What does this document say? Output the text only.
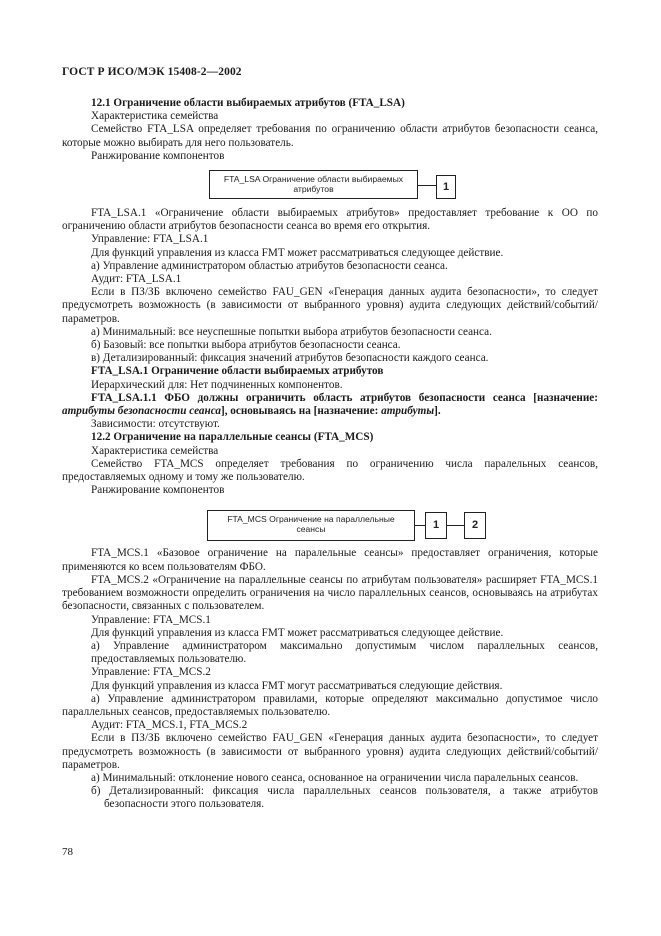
ГОСТ Р ИСО/МЭК 15408-2—2002

12.1 Ограничение области выбираемых атрибутов (FTA_LSA)

Характеристика семейства

Семейство FTA_LSA определяет требования по ограничению области атрибутов безопасности сеанса, которые можно выбирать для него пользователь.

Ранжирование компонентов

FTA_LSA Ограничение области выбираемых
атрибутов	1

FTA_LSA.1 «Ограничение области выбираемых атрибутов» предоставляет требование к ОО по ограничению области атрибутов безопасности сеанса во время его открытия.

Управление: FTA_LSA.1

Для функций управления из класса FMT может рассматриваться следующее действие.

а) Управление администратором областью атрибутов безопасности сеанса.

Аудит: FTA_LSA.1

Если в ПЗ/ЗБ включено семейство FAU_GEN «Генерация данных аудита безопасности», то следует предусмотреть возможность (в зависимости от выбранного уровня) аудита следующих действий/событий/параметров.

а) Минимальный: все неуспешные попытки выбора атрибутов безопасности сеанса.

б) Базовый: все попытки выбора атрибутов безопасности сеанса.

в) Детализированный: фиксация значений атрибутов безопасности каждого сеанса.

FTA_LSA.1 Ограничение области выбираемых атрибутов

Иерархический для: Нет подчиненных компонентов.

FTA_LSA.1.1 ФБО должны ограничить область атрибутов безопасности сеанса [назначение: атрибуты безопасности сеанса], основываясь на [назначение: атрибуты].

Зависимости: отсутствуют.

12.2 Ограничение на параллельные сеансы (FTA_MCS)

Характеристика семейства

Семейство FTA_MCS определяет требования по ограничению числа паралельных сеансов, предоставляемых одному и тому же пользователю.

Ранжирование компонентов

FTA_MCS Ограничение на параллельные
сеансы	1	2

FTA_MCS.1 «Базовое ограничение на паралельные сеансы» предоставляет ограничения, которые применяются ко всем пользователям ФБО.

FTA_MCS.2 «Ограничение на параллельные сеансы по атрибутам пользователя» расширяет FTA_MCS.1 требованием возможности определить ограничения на число параллельных сеансов, основываясь на атрибутах безопасности, связанных с пользователем.

Управление: FTA_MCS.1

Для функций управления из класса FMT может рассматриваться следующее действие.

а) Управление администратором максимально допустимым числом параллельных сеансов, предоставляемых пользователю.

Управление: FTA_MCS.2

Для функций управления из класса FMT могут рассматриваться следующие действия.

а) Управление администратором правилами, которые определяют максимально допустимое число параллельных сеансов, предоставляемых пользователю.

Аудит: FTA_MCS.1, FTA_MCS.2

Если в ПЗ/ЗБ включено семейство FAU_GEN «Генерация данных аудита безопасности», то следует предусмотреть возможность (в зависимости от выбранного уровня) аудита следующих действий/событий/параметров.

а) Минимальный: отклонение нового сеанса, основанное на ограничении числа паралельных сеансов.

б) Детализированный: фиксация числа параллельных сеансов пользователя, а также атрибутов безопасности этого пользователя.

78
